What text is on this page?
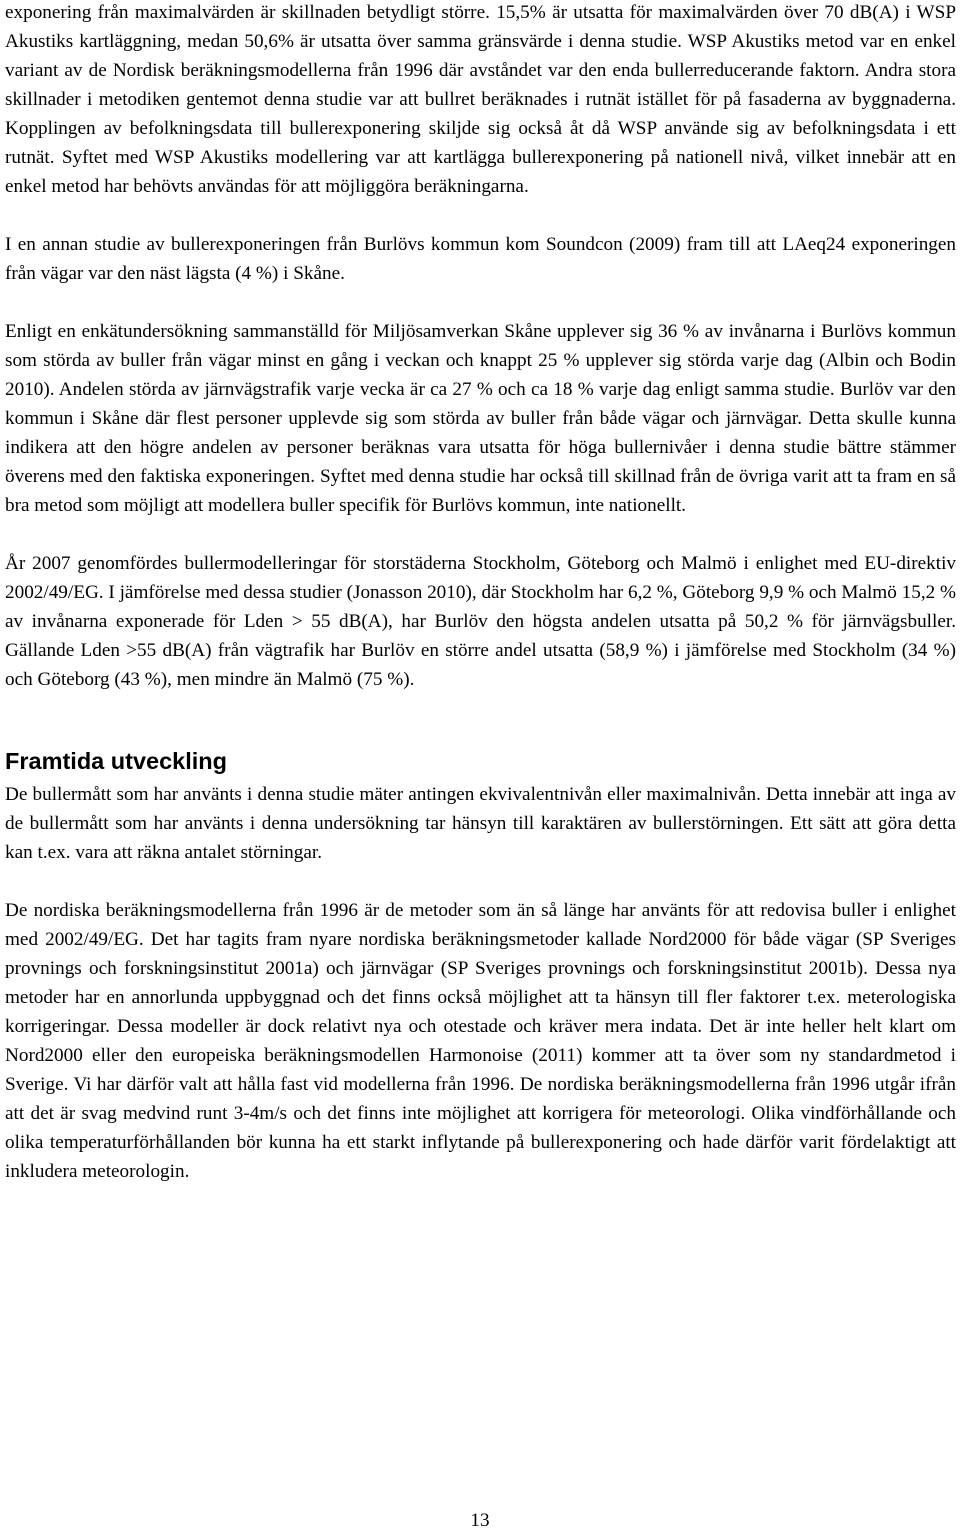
exponering från maximalvärden är skillnaden betydligt större. 15,5% är utsatta för maximalvärden över 70 dB(A) i WSP Akustiks kartläggning, medan 50,6% är utsatta över samma gränsvärde i denna studie. WSP Akustiks metod var en enkel variant av de Nordisk beräkningsmodellerna från 1996 där avståndet var den enda bullerreducerande faktorn. Andra stora skillnader i metodiken gentemot denna studie var att bullret beräknades i rutnät istället för på fasaderna av byggnaderna. Kopplingen av befolkningsdata till bullerexponering skiljde sig också åt då WSP använde sig av befolkningsdata i ett rutnät. Syftet med WSP Akustiks modellering var att kartlägga bullerexponering på nationell nivå, vilket innebär att en enkel metod har behövts användas för att möjliggöra beräkningarna.

I en annan studie av bullerexponeringen från Burlövs kommun kom Soundcon (2009) fram till att LAeq24 exponeringen från vägar var den näst lägsta (4 %) i Skåne.

Enligt en enkätundersökning sammanställd för Miljösamverkan Skåne upplever sig 36 % av invånarna i Burlövs kommun som störda av buller från vägar minst en gång i veckan och knappt 25 % upplever sig störda varje dag (Albin och Bodin 2010). Andelen störda av järnvägstrafik varje vecka är ca 27 % och ca 18 % varje dag enligt samma studie. Burlöv var den kommun i Skåne där flest personer upplevde sig som störda av buller från både vägar och järnvägar. Detta skulle kunna indikera att den högre andelen av personer beräknas vara utsatta för höga bullernivåer i denna studie bättre stämmer överens med den faktiska exponeringen. Syftet med denna studie har också till skillnad från de övriga varit att ta fram en så bra metod som möjligt att modellera buller specifik för Burlövs kommun, inte nationellt.

År 2007 genomfördes bullermodelleringar för storstäderna Stockholm, Göteborg och Malmö i enlighet med EU-direktiv 2002/49/EG. I jämförelse med dessa studier (Jonasson 2010), där Stockholm har 6,2 %, Göteborg 9,9 % och Malmö 15,2 % av invånarna exponerade för Lden > 55 dB(A), har Burlöv den högsta andelen utsatta på 50,2 % för järnvägsbuller. Gällande Lden >55 dB(A) från vägtrafik har Burlöv en större andel utsatta (58,9 %) i jämförelse med Stockholm (34 %) och Göteborg (43 %), men mindre än Malmö (75 %).

Framtida utveckling

De bullermått som har använts i denna studie mäter antingen ekvivalentnivån eller maximalnivån. Detta innebär att inga av de bullermått som har använts i denna undersökning tar hänsyn till karaktären av bullerstörningen. Ett sätt att göra detta kan t.ex. vara att räkna antalet störningar.

De nordiska beräkningsmodellerna från 1996 är de metoder som än så länge har använts för att redovisa buller i enlighet med 2002/49/EG. Det har tagits fram nyare nordiska beräkningsmetoder kallade Nord2000 för både vägar (SP Sveriges provnings och forskningsinstitut 2001a) och järnvägar (SP Sveriges provnings och forskningsinstitut 2001b). Dessa nya metoder har en annorlunda uppbyggnad och det finns också möjlighet att ta hänsyn till fler faktorer t.ex. meterologiska korrigeringar. Dessa modeller är dock relativt nya och otestade och kräver mera indata. Det är inte heller helt klart om Nord2000 eller den europeiska beräkningsmodellen Harmonoise (2011) kommer att ta över som ny standardmetod i Sverige. Vi har därför valt att hålla fast vid modellerna från 1996. De nordiska beräkningsmodellerna från 1996 utgår ifrån att det är svag medvind runt 3-4m/s och det finns inte möjlighet att korrigera för meteorologi. Olika vindförhållande och olika temperaturförhållanden bör kunna ha ett starkt inflytande på bullerexponering och hade därför varit fördelaktigt att inkludera meteorologin.

13
